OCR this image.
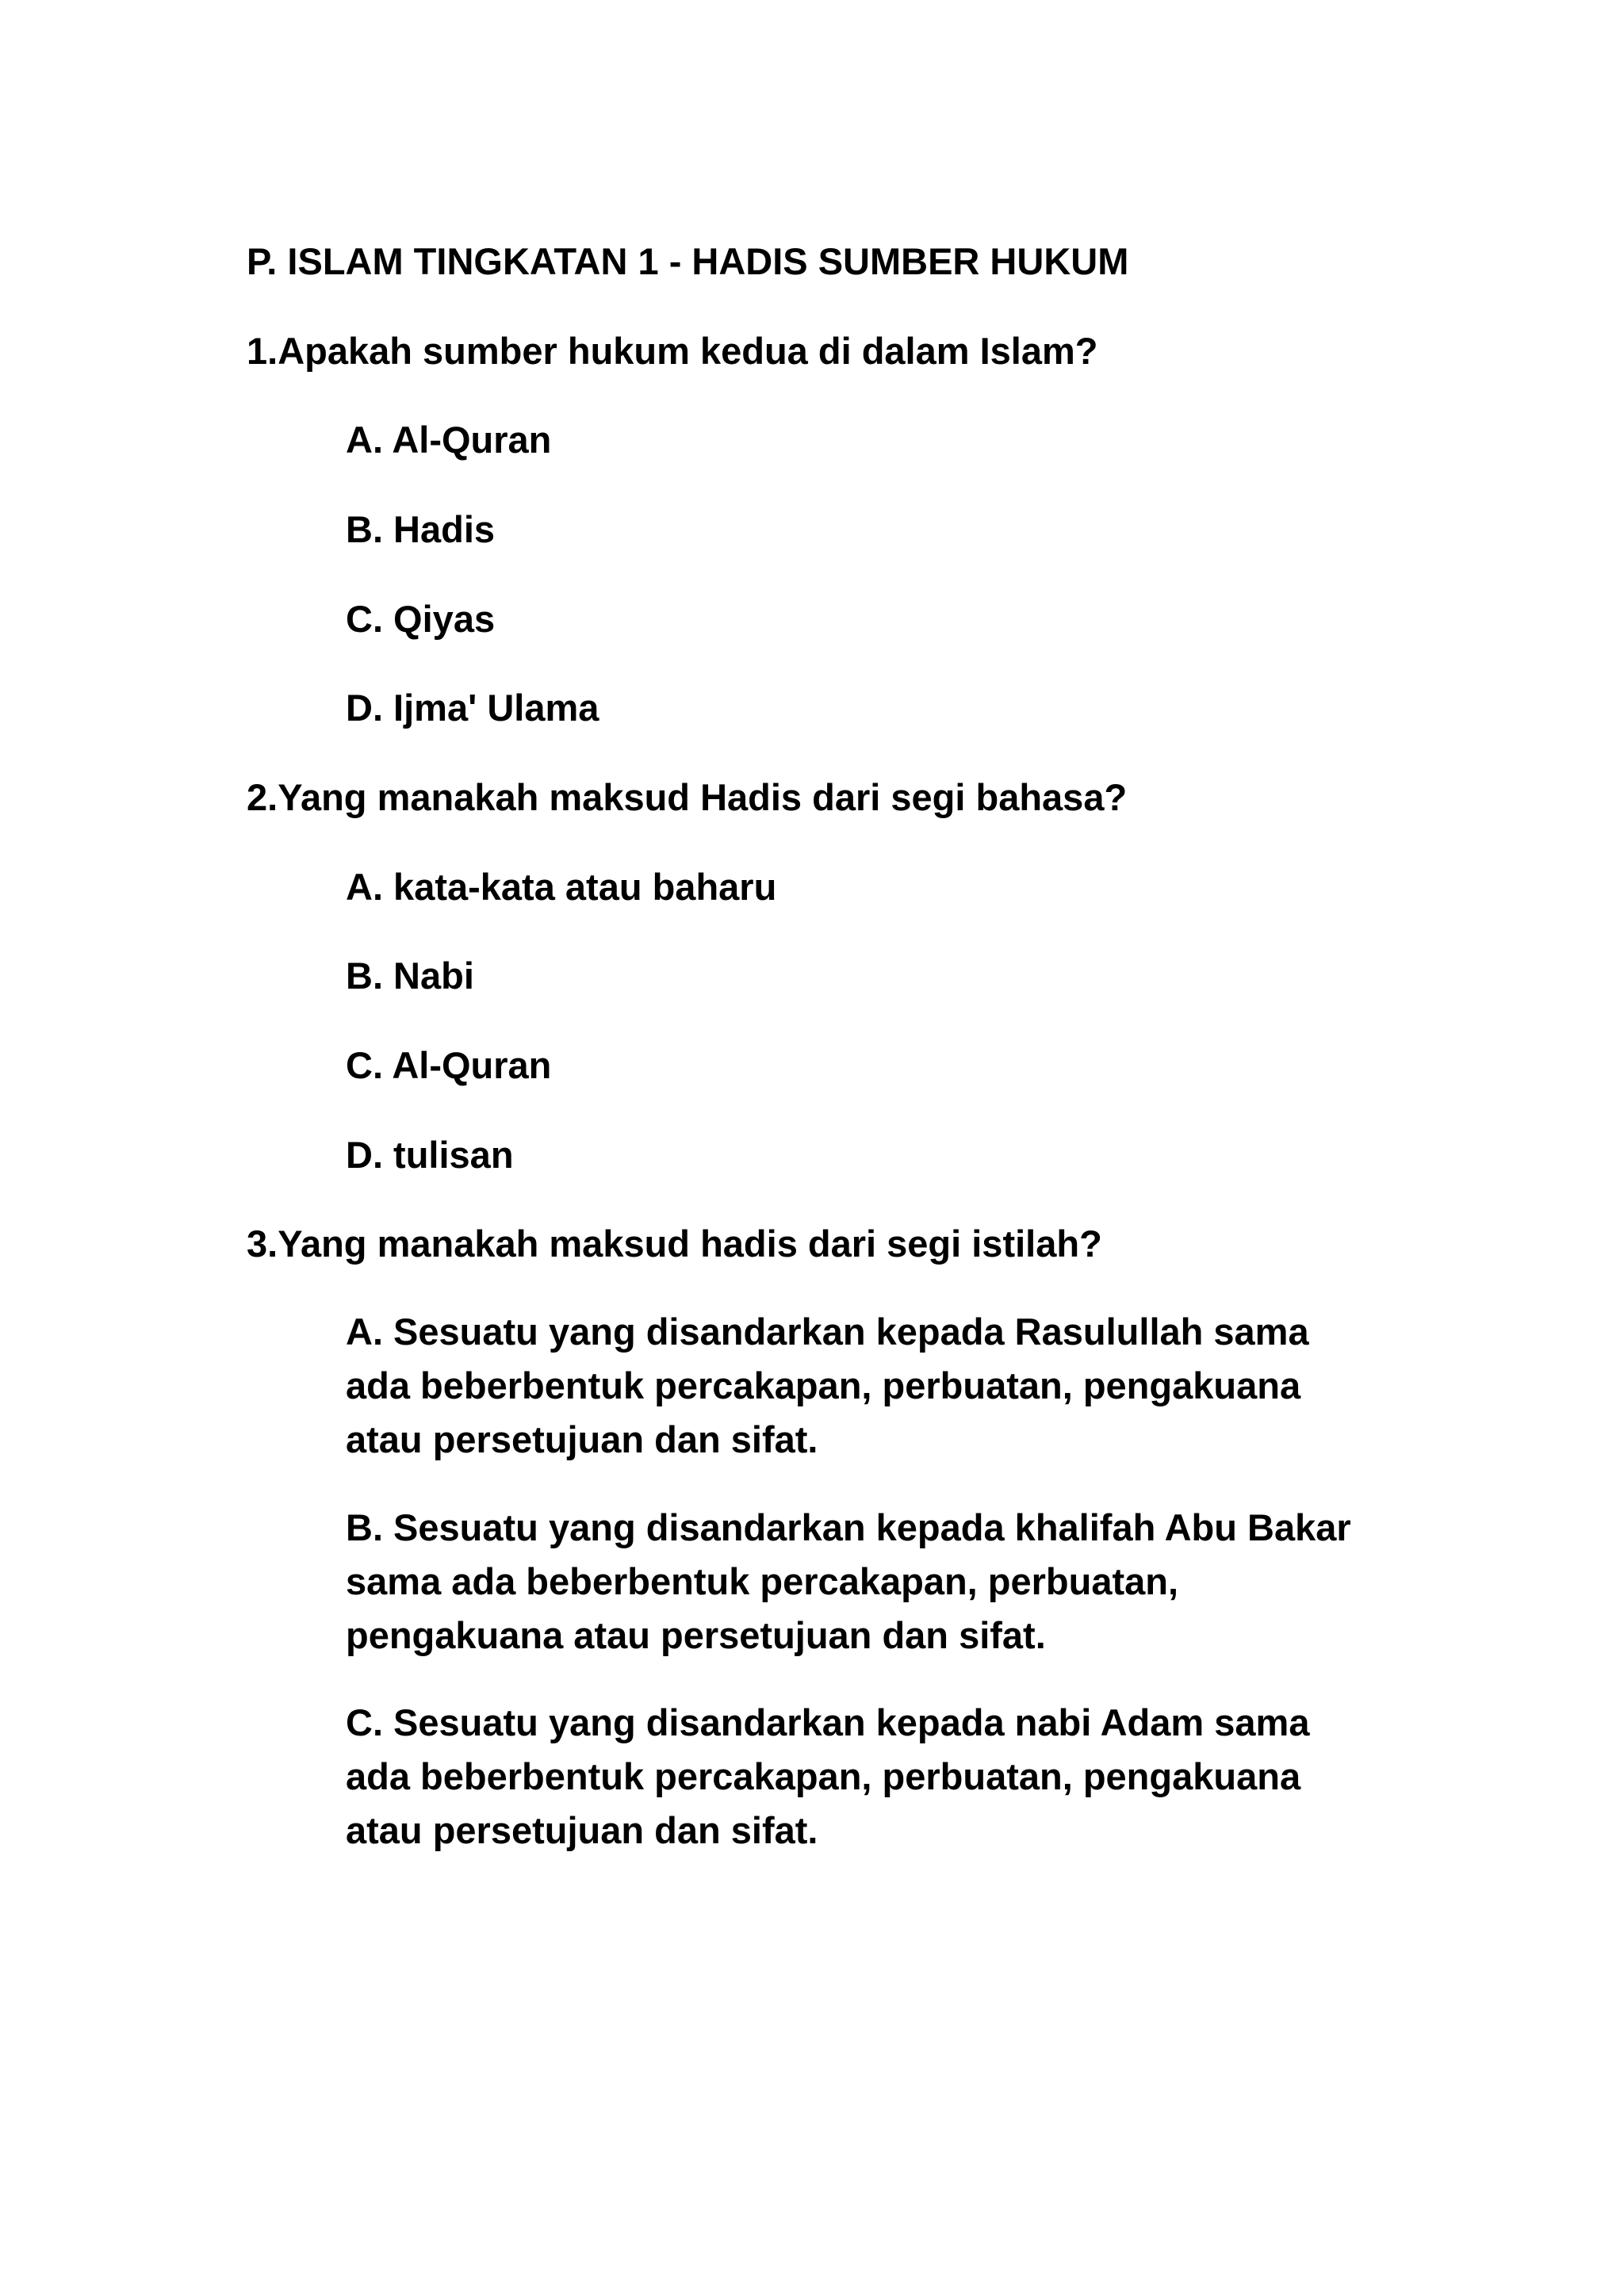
P. ISLAM TINGKATAN 1 - HADIS SUMBER HUKUM
1.Apakah sumber hukum kedua di dalam Islam?
A. Al-Quran
B. Hadis
C. Qiyas
D. Ijma' Ulama
2.Yang manakah maksud Hadis dari segi bahasa?
A. kata-kata atau baharu
B. Nabi
C. Al-Quran
D. tulisan
3.Yang manakah maksud hadis dari segi istilah?
A. Sesuatu yang disandarkan kepada Rasulullah sama
ada beberbentuk percakapan, perbuatan, pengakuana
atau persetujuan dan sifat.
B. Sesuatu yang disandarkan kepada khalifah Abu Bakar
sama ada beberbentuk percakapan, perbuatan,
pengakuana atau persetujuan dan sifat.
C. Sesuatu yang disandarkan kepada nabi Adam sama
ada beberbentuk percakapan, perbuatan, pengakuana
atau persetujuan dan sifat.
